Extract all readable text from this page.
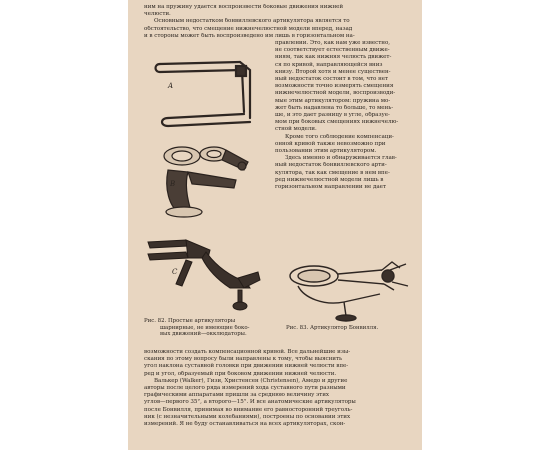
ним на пружину удается воспроизвести боковые движения нижней
челюсти.
Основным недостатком бонвиллевского артикулятора является то
обстоятельство, что смещение нижнечелюстной модели вперед, назад
и в стороны может быть воспроизведено им лишь в горизонтальном на-
правлении. Это, как нам уже известно,
не соответствует естественным движе-
ниям, так как нижняя челюсть движет-
ся по кривой, направляющейся вниз
книзу. Второй хотя и менее существен-
ный недостаток состоит в том, что нет
возможности точно измерять смещения
нижнечелюстной модели, воспроизводи-
мые этим артикулятором: пружина мо-
жет быть надавлена то больше, то мень-
ше, и это дает разницу в угле, образуе-
мом при боковых смещениях нижнечелю-
стной модели.
Кроме того соблюдение компенсаци-
онной кривой также невозможно при
пользовании этим артикулятором.
Здесь именно и обнаруживается глав-
ный недостаток бонвиллевского арти-
кулятора, так как смещение в нем впе-
ред нижнечелюстной модели лишь в
горизонтальном направлении не дает
A
B
C
Рис. 82. Простые артикуляторы
шарнирные, не имеющие боко-
вых движений—окклюдаторы.
Рис. 83. Артикулятор Бонвилля.
возможности создать компенсационной кривой. Все дальнейшие изы-
скания по этому вопросу были направлены к тому, чтобы выяснить
угол наклона суставной головки при движении нижней челюсти впе-
ред и угол, образуемый при боковом движении нижней челюсти.
Валькер (Walker), Гизи, Христенсен (Christensen), Амедо и другие
авторы после целого ряда измерений хода суставного пути разными
графическими аппаратами пришли за среднюю величину этих
углов—первого 35°, а второго—15°. И все анатомические артикуляторы
после Бонвилля, принимая во внимание его равносторонний треуголь-
ник (с незначительными колебаниями), построены по основании этих
измерений. Я не буду останавливаться на всех артикуляторах, скон-
